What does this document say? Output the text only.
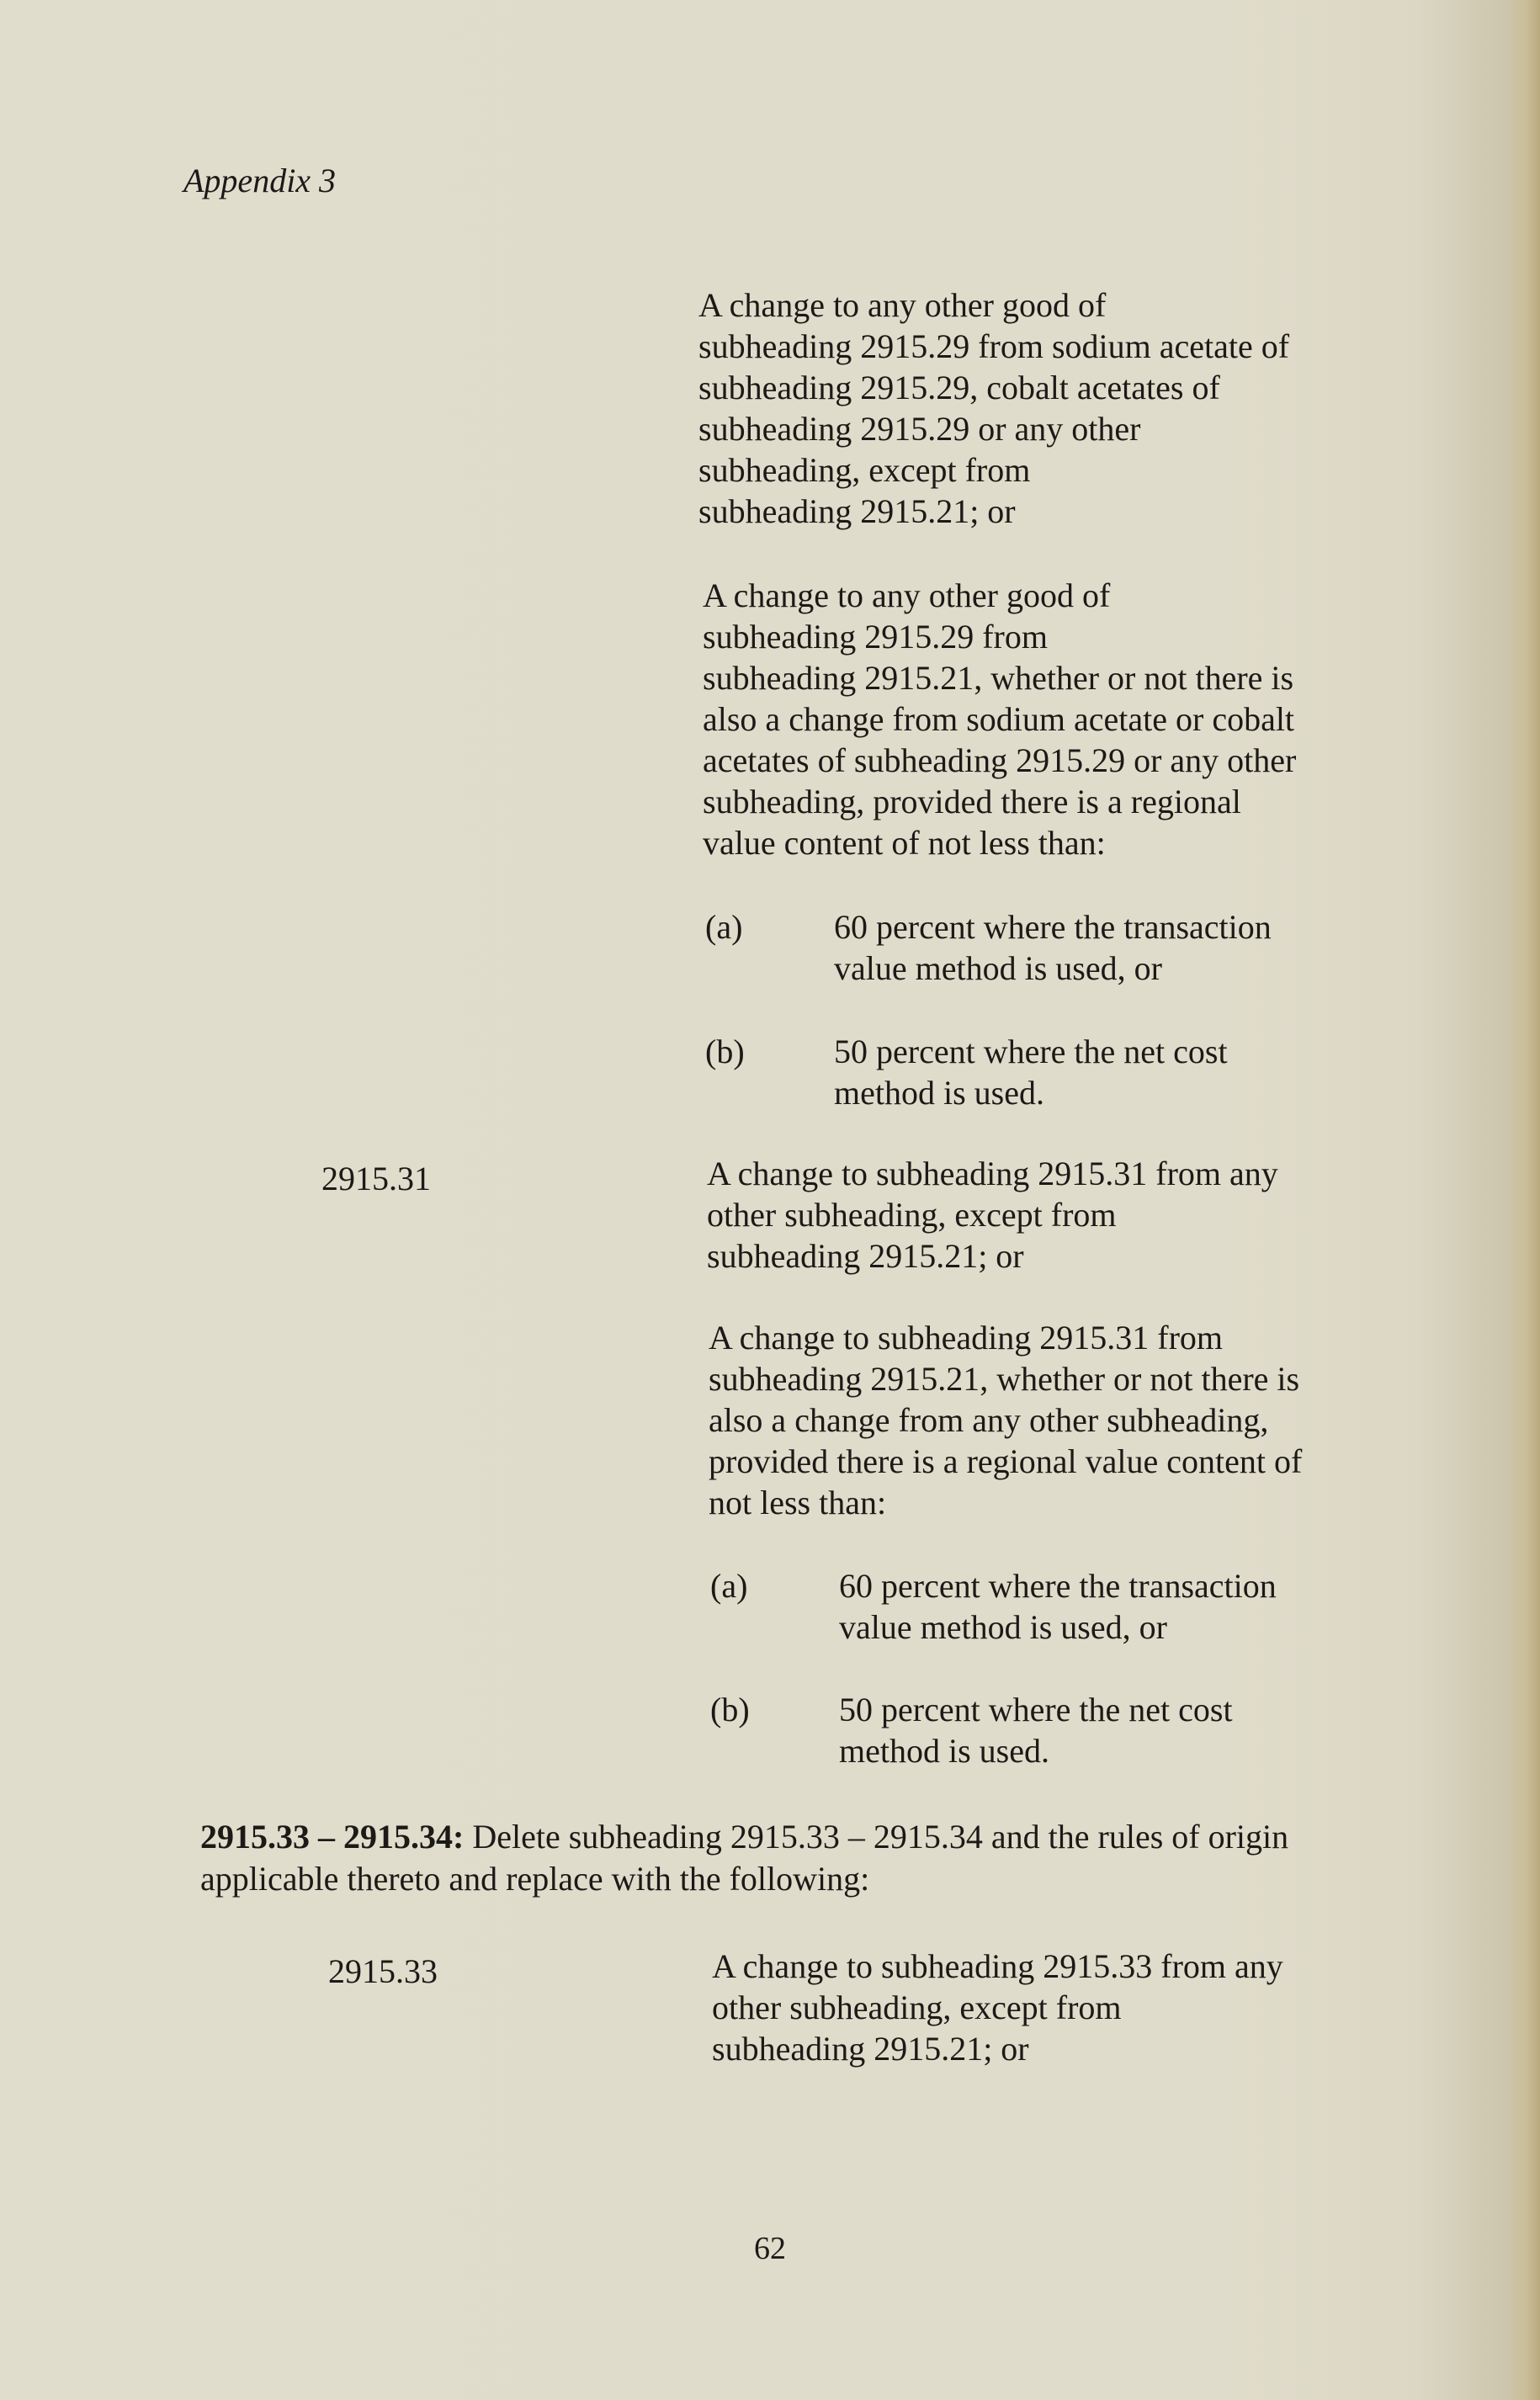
Appendix 3
A change to any other good of
subheading 2915.29 from sodium acetate of
subheading 2915.29, cobalt acetates of
subheading 2915.29 or any other
subheading, except from
subheading 2915.21; or
A change to any other good of
subheading 2915.29 from
subheading 2915.21, whether or not there is
also a change from sodium acetate or cobalt
acetates of subheading 2915.29 or any other
subheading, provided there is a regional
value content of not less than:
(a)	60 percent where the transaction
value method is used, or
(b)	50 percent where the net cost
method is used.
2915.31	A change to subheading 2915.31 from any
other subheading, except from
subheading 2915.21; or
A change to subheading 2915.31 from
subheading 2915.21, whether or not there is
also a change from any other subheading,
provided there is a regional value content of
not less than:
(a)	60 percent where the transaction
value method is used, or
(b)	50 percent where the net cost
method is used.
2915.33 – 2915.34: Delete subheading 2915.33 – 2915.34 and the rules of origin
applicable thereto and replace with the following:
2915.33	A change to subheading 2915.33 from any
other subheading, except from
subheading 2915.21; or
62
